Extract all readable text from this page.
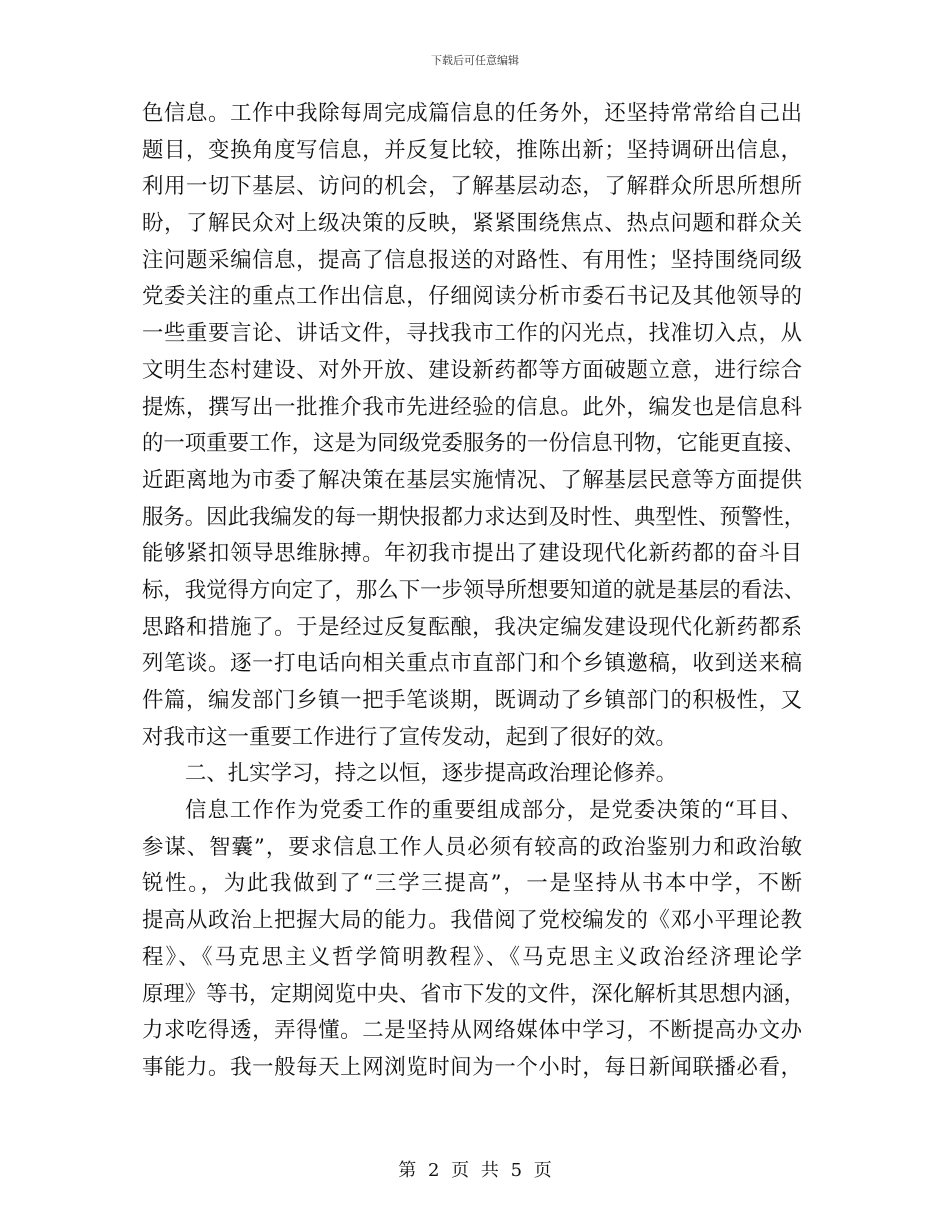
下载后可任意编辑
色信息。工作中我除每周完成篇信息的任务外，还坚持常常给自己出
题目，变换角度写信息，并反复比较，推陈出新；坚持调研出信息，
利用一切下基层、访问的机会，了解基层动态，了解群众所思所想所
盼，了解民众对上级决策的反映，紧紧围绕焦点、热点问题和群众关
注问题采编信息，提高了信息报送的对路性、有用性；坚持围绕同级
党委关注的重点工作出信息，仔细阅读分析市委石书记及其他领导的
一些重要言论、讲话文件，寻找我市工作的闪光点，找准切入点，从
文明生态村建设、对外开放、建设新药都等方面破题立意，进行综合
提炼，撰写出一批推介我市先进经验的信息。此外，编发也是信息科
的一项重要工作，这是为同级党委服务的一份信息刊物，它能更直接、
近距离地为市委了解决策在基层实施情况、了解基层民意等方面提供
服务。因此我编发的每一期快报都力求达到及时性、典型性、预警性，
能够紧扣领导思维脉搏。年初我市提出了建设现代化新药都的奋斗目
标，我觉得方向定了，那么下一步领导所想要知道的就是基层的看法、
思路和措施了。于是经过反复酝酿，我决定编发建设现代化新药都系
列笔谈。逐一打电话向相关重点市直部门和个乡镇邀稿，收到送来稿
件篇，编发部门乡镇一把手笔谈期，既调动了乡镇部门的积极性，又
对我市这一重要工作进行了宣传发动，起到了很好的效。
二、扎实学习，持之以恒，逐步提高政治理论修养。
信息工作作为党委工作的重要组成部分，是党委决策的“耳目、
参谋、智囊”，要求信息工作人员必须有较高的政治鉴别力和政治敏
锐性。，为此我做到了“三学三提高”，一是坚持从书本中学，不断
提高从政治上把握大局的能力。我借阅了党校编发的《邓小平理论教
程》、《马克思主义哲学简明教程》、《马克思主义政治经济理论学
原理》等书，定期阅览中央、省市下发的文件，深化解析其思想内涵，
力求吃得透，弄得懂。二是坚持从网络媒体中学习，不断提高办文办
事能力。我一般每天上网浏览时间为一个小时，每日新闻联播必看，
第 2 页 共 5 页
